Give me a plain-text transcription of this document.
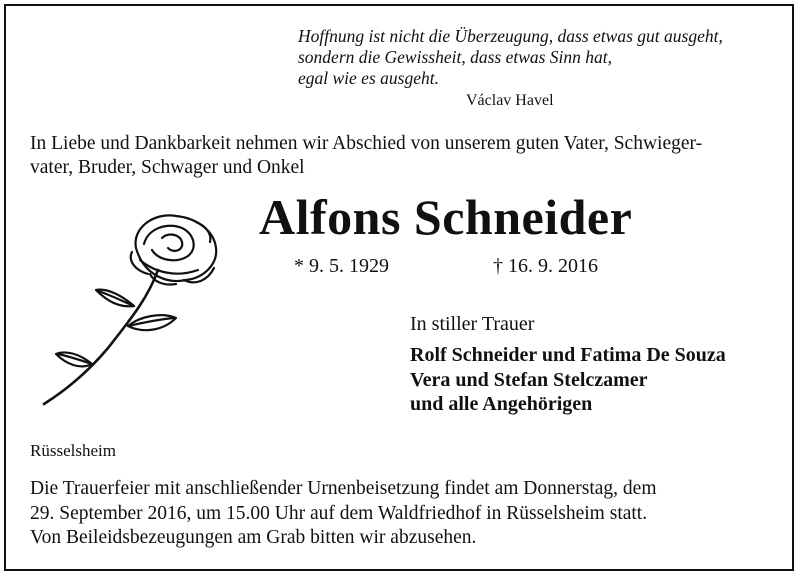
Hoffnung ist nicht die Überzeugung, dass etwas gut ausgeht,
sondern die Gewissheit, dass etwas Sinn hat,
egal wie es ausgeht.
Václav Havel
In Liebe und Dankbarkeit nehmen wir Abschied von unserem guten Vater, Schwieger-
vater, Bruder, Schwager und Onkel
Alfons Schneider
* 9. 5. 1929	† 16. 9. 2016
In stiller Trauer
Rolf Schneider und Fatima De Souza
Vera und Stefan Stelczamer
und alle Angehörigen
Rüsselsheim
Die Trauerfeier mit anschließender Urnenbeisetzung findet am Donnerstag, dem
29. September 2016, um 15.00 Uhr auf dem Waldfriedhof in Rüsselsheim statt.
Von Beileidsbezeugungen am Grab bitten wir abzusehen.
